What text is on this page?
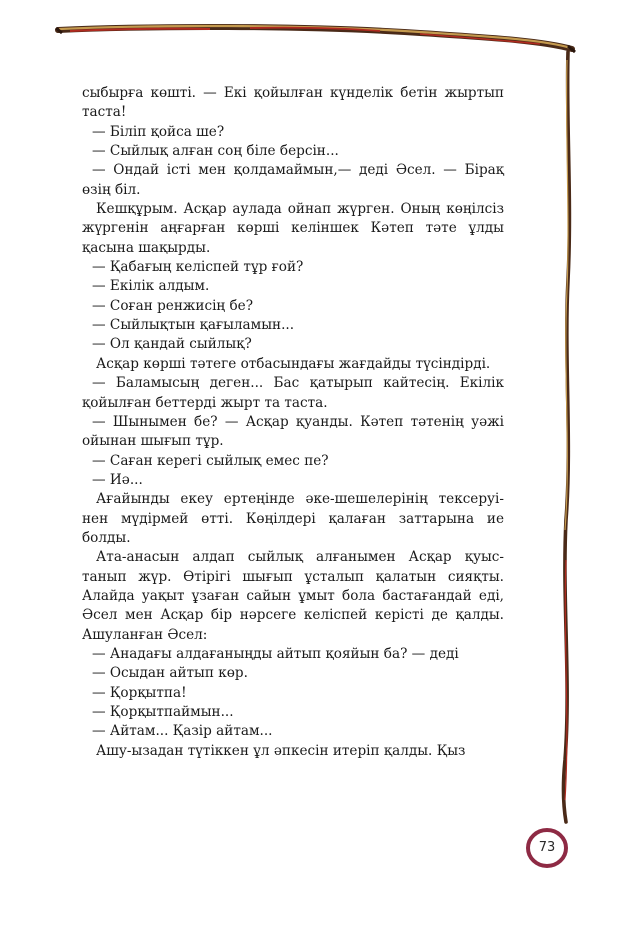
сыбырға көшті. — Екі қойылған күнделік бетін жыртып таста!

— Біліп қойса ше?

— Сыйлық алған соң біле берсін...

— Ондай істі мен қолдамаймын,— деді Әсел. — Бірақ өзің біл.

Кешқұрым. Асқар аулада ойнап жүрген. Оның көңілсіз жүргенін аңғарған көрші келіншек Кәтеп тәте ұлды қасына шақырды.

— Қабағың келіспей тұр ғой?

— Екілік алдым.

— Соған ренжисің бе?

— Сыйлықтын қағыламын...

— Ол қандай сыйлық?

Асқар көрші тәтеге отбасындағы жағдайды түсіндірді.

— Баламысың деген... Бас қатырып кайтесің. Екілік қойылған беттерді жырт та таста.

— Шынымен бе? — Асқар қуанды. Кәтеп тәтенің уәжі ойынан шығып тұр.

— Саған керегі сыйлық емес пе?

— Иә...

Ағайынды екеу ертеңінде әке-шешелерінің тексеруі-нен мүдірмей өтті. Көңілдері қалаған заттарына ие болды.

Ата-анасын алдап сыйлық алғанымен Асқар қуыс-танып жүр. Өтірігі шығып ұсталып қалатын сияқты. Алайда уақыт ұзаған сайын ұмыт бола бастағандай еді, Әсел мен Асқар бір нәрсеге келіспей керісті де қалды. Ашуланған Әсел:

— Анадағы алдағаныңды айтып қояйын ба? — деді

— Осыдан айтып көр.

— Қорқытпа!

— Қорқытпаймын...

— Айтам... Қазір айтам...

Ашу-ызадан түтіккен ұл әпкесін итеріп қалды. Қыз

73
